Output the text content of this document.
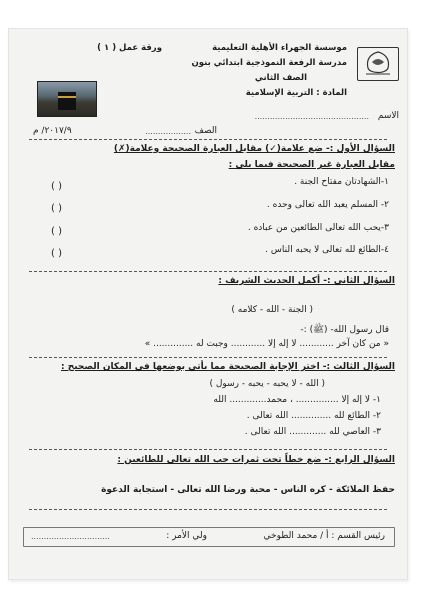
موسسة الجهراء الأهلية التعليمية
ورقة عمل ( ١ )
مدرسة الرفعة النموذجية ابتدائي بنون
الصف الثاني
المادة : التربية الإسلامية
الاسم
.............................................
الصف
..................
٢٠١٧/٩/ م
السؤال الأول :- ضع علامة(✓) مقابل العبارة الصحيحة وعلامة(✗)
مقابل العبارة غير الصحيحة فيما يلي :
١-الشهادتان مفتاح الجنة .
( )
٢- المسلم يعبد الله تعالى وحده .
( )
٣-يحب الله تعالى الطائعين من عباده .
( )
٤-الطائع لله تعالى لا يحبه الناس .
( )
السؤال الثاني :- أكمل الحديث الشريف :
( الجنة - الله - كلامه )
قال رسول الله- (ﷺ) :-
« من كان آخر ............ لا إله إلا ............ وجبت له .............. »
السؤال الثالث :- اختر الإجابة الصحيحة مما يأتي بوضعها في المكان الصحيح :
( الله - لا يحبه - يحبه - رسول )
١- لا إله إلا ............... ، محمد............. الله
٢- الطائع لله .............. الله تعالى .
٣- العاصي لله ............. الله تعالى .
السؤال الرابع :- ضع خطاً تحت ثمرات حب الله تعالى للطائعين :
حفظ الملائكة - كره الناس - محبة ورضا الله تعالى - استجابة الدعوة
رئيس القسم : أ / محمد الطوخي
ولي الأمر :
...............................
